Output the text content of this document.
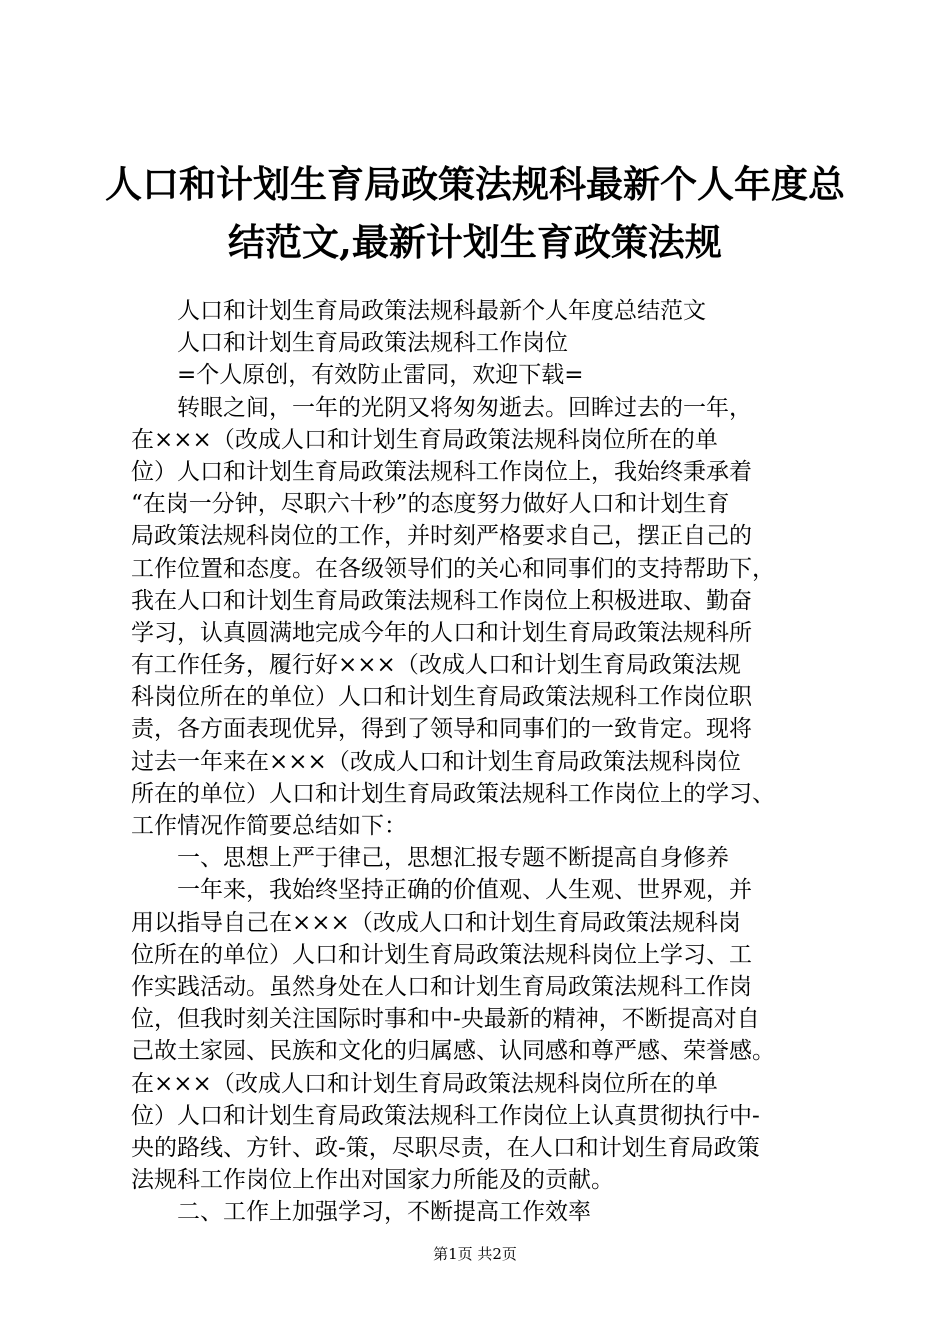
人口和计划生育局政策法规科最新个人年度总
结范文,最新计划生育政策法规
人口和计划生育局政策法规科最新个人年度总结范文
人口和计划生育局政策法规科工作岗位
=个人原创，有效防止雷同，欢迎下载=
转眼之间，一年的光阴又将匆匆逝去。回眸过去的一年，
在×××（改成人口和计划生育局政策法规科岗位所在的单
位）人口和计划生育局政策法规科工作岗位上，我始终秉承着
“在岗一分钟，尽职六十秒”的态度努力做好人口和计划生育
局政策法规科岗位的工作，并时刻严格要求自己，摆正自己的
工作位置和态度。在各级领导们的关心和同事们的支持帮助下，
我在人口和计划生育局政策法规科工作岗位上积极进取、勤奋
学习，认真圆满地完成今年的人口和计划生育局政策法规科所
有工作任务，履行好×××（改成人口和计划生育局政策法规
科岗位所在的单位）人口和计划生育局政策法规科工作岗位职
责，各方面表现优异，得到了领导和同事们的一致肯定。现将
过去一年来在×××（改成人口和计划生育局政策法规科岗位
所在的单位）人口和计划生育局政策法规科工作岗位上的学习、
工作情况作简要总结如下：
一、思想上严于律己，思想汇报专题不断提高自身修养
一年来，我始终坚持正确的价值观、人生观、世界观，并
用以指导自己在×××（改成人口和计划生育局政策法规科岗
位所在的单位）人口和计划生育局政策法规科岗位上学习、工
作实践活动。虽然身处在人口和计划生育局政策法规科工作岗
位，但我时刻关注国际时事和中-央最新的精神，不断提高对自
己故土家园、民族和文化的归属感、认同感和尊严感、荣誉感。
在×××（改成人口和计划生育局政策法规科岗位所在的单
位）人口和计划生育局政策法规科工作岗位上认真贯彻执行中-
央的路线、方针、政-策，尽职尽责，在人口和计划生育局政策
法规科工作岗位上作出对国家力所能及的贡献。
二、工作上加强学习，不断提高工作效率
第1页 共2页
